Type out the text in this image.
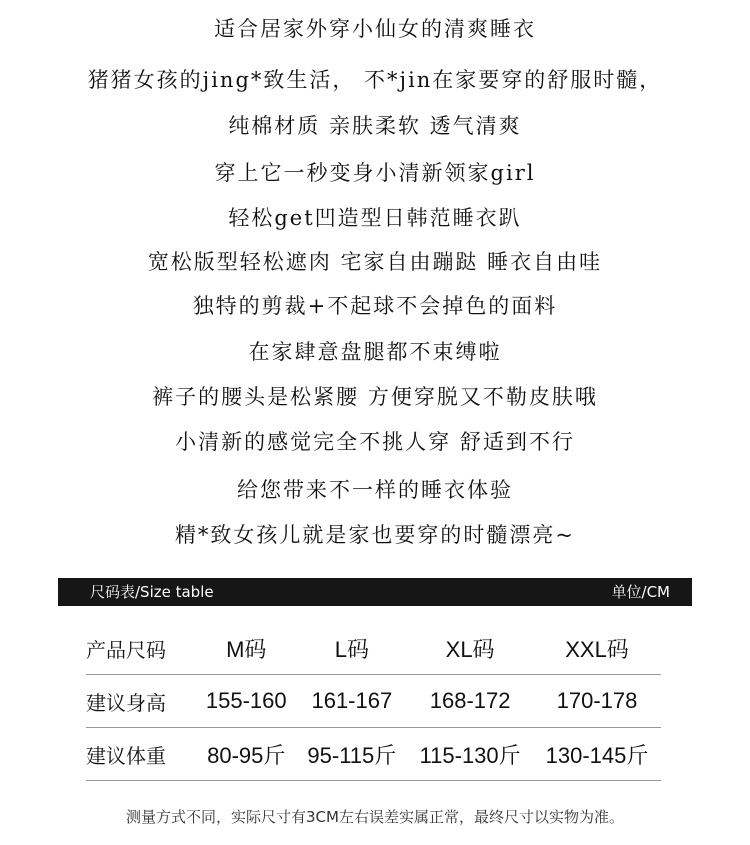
适合居家外穿小仙女的清爽睡衣
猪猪女孩的jing*致生活， 不*jin在家要穿的舒服时髓，
纯棉材质 亲肤柔软 透气清爽
穿上它一秒变身小清新领家girl
轻松get凹造型日韩范睡衣趴
宽松版型轻松遮肉 宅家自由蹦跶 睡衣自由哇
独特的剪裁+不起球不会掉色的面料
在家肆意盘腿都不束缚啦
裤子的腰头是松紧腰 方便穿脱又不勒皮肤哦
小清新的感觉完全不挑人穿 舒适到不行
给您带来不一样的睡衣体验
精*致女孩儿就是家也要穿的时髓漂亮~
尺码表/Size table	单位/CM
产品尺码	M码	L码	XL码	XXL码
建议身高	155-160	161-167	168-172	170-178
建议体重	80-95斤	95-115斤	115-130斤	130-145斤
测量方式不同，实际尺寸有3CM左右误差实属正常，最终尺寸以实物为准。
